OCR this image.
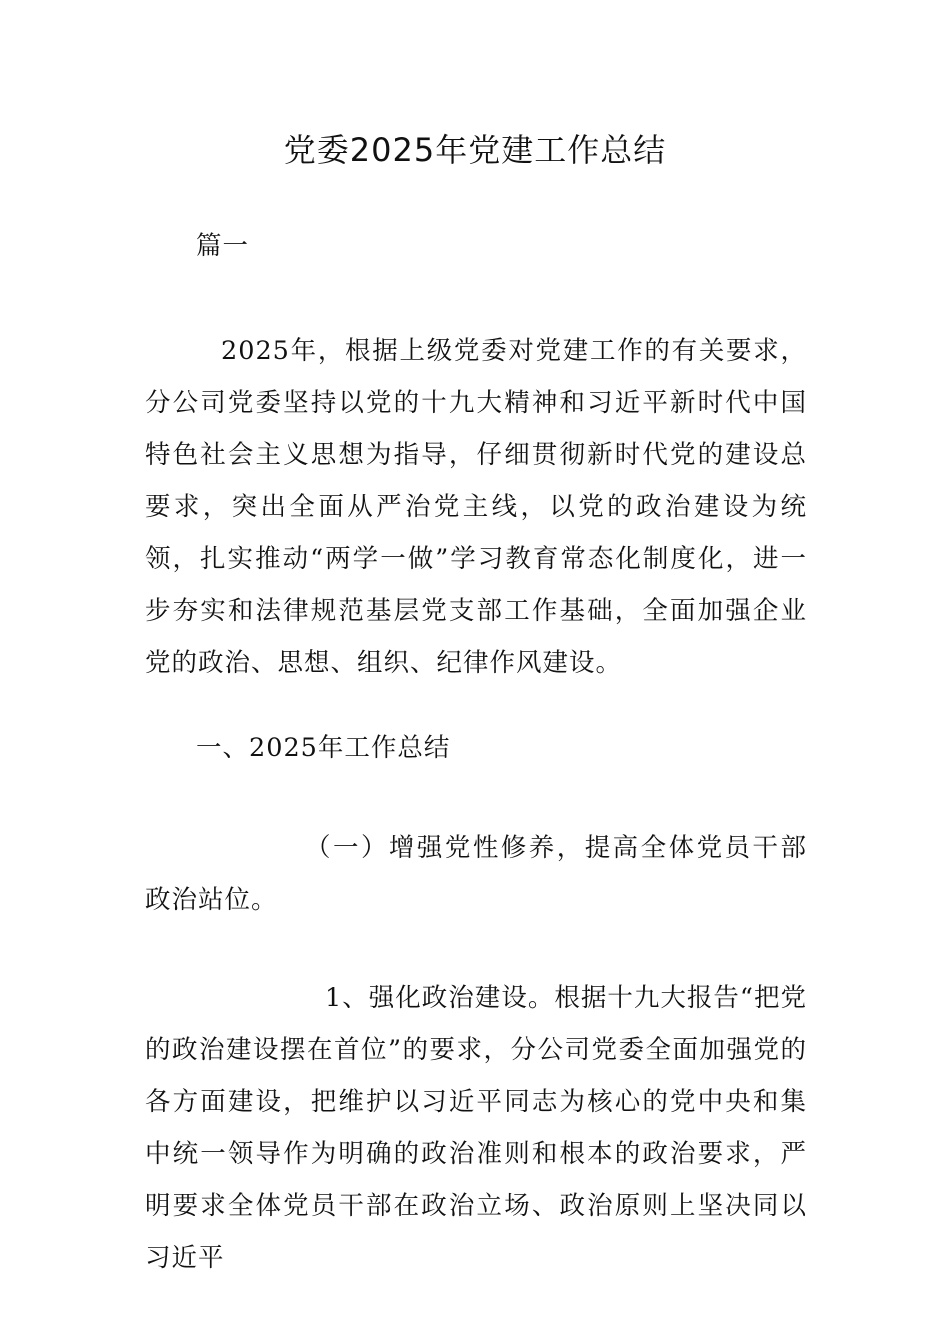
党委2025年党建工作总结

篇一

2025年，根据上级党委对党建工作的有关要求，分公司党委坚持以党的十九大精神和习近平新时代中国特色社会主义思想为指导，仔细贯彻新时代党的建设总要求，突出全面从严治党主线，以党的政治建设为统领，扎实推动“两学一做”学习教育常态化制度化，进一步夯实和法律规范基层党支部工作基础，全面加强企业党的政治、思想、组织、纪律作风建设。

一、2025年工作总结

（一）增强党性修养，提高全体党员干部政治站位。

1、强化政治建设。根据十九大报告“把党的政治建设摆在首位”的要求，分公司党委全面加强党的各方面建设，把维护以习近平同志为核心的党中央和集中统一领导作为明确的政治准则和根本的政治要求，严明要求全体党员干部在政治立场、政治原则上坚决同以习近平
